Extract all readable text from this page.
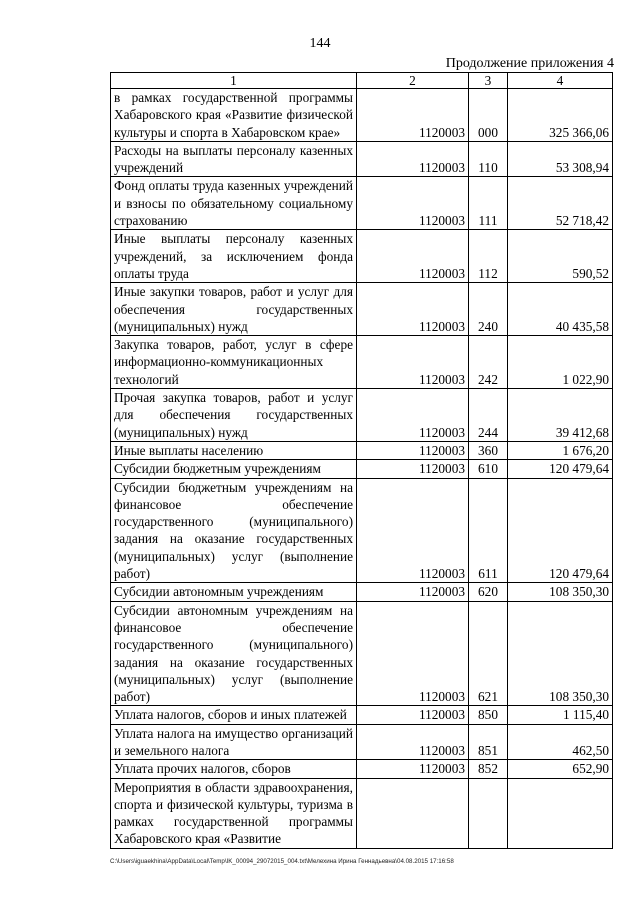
144
Продолжение приложения 4
1	2	3	4
в рамках государственной программы Хабаровского края «Развитие физической культуры и спорта в Хабаровском крае»	1120003	000	325 366,06
Расходы на выплаты персоналу казенных учреждений	1120003	110	53 308,94
Фонд оплаты труда казенных учреждений и взносы по обязательному социальному страхованию	1120003	111	52 718,42
Иные выплаты персоналу казенных учреждений, за исключением фонда оплаты труда	1120003	112	590,52
Иные закупки товаров, работ и услуг для обеспечения государственных (муниципальных) нужд	1120003	240	40 435,58
Закупка товаров, работ, услуг в сфере информационно-коммуникационных технологий	1120003	242	1 022,90
Прочая закупка товаров, работ и услуг для обеспечения государственных (муниципальных) нужд	1120003	244	39 412,68
Иные выплаты населению	1120003	360	1 676,20
Субсидии бюджетным учреждениям	1120003	610	120 479,64
Субсидии бюджетным учреждениям на финансовое обеспечение государственного (муниципального) задания на оказание государственных (муниципальных) услуг (выполнение работ)	1120003	611	120 479,64
Субсидии автономным учреждениям	1120003	620	108 350,30
Субсидии автономным учреждениям на финансовое обеспечение государственного (муниципального) задания на оказание государственных (муниципальных) услуг (выполнение работ)	1120003	621	108 350,30
Уплата налогов, сборов и иных платежей	1120003	850	1 115,40
Уплата налога на имущество организаций и земельного налога	1120003	851	462,50
Уплата прочих налогов, сборов	1120003	852	652,90
Мероприятия в области здравоохранения, спорта и физической культуры, туризма в рамках государственной программы Хабаровского края «Развитие			
C:\Users\iguaekhina\AppData\Local\Temp\IK_00094_29072015_004.txt\Мелехина Ирина Геннадьевна\04.08.2015 17:16:58
